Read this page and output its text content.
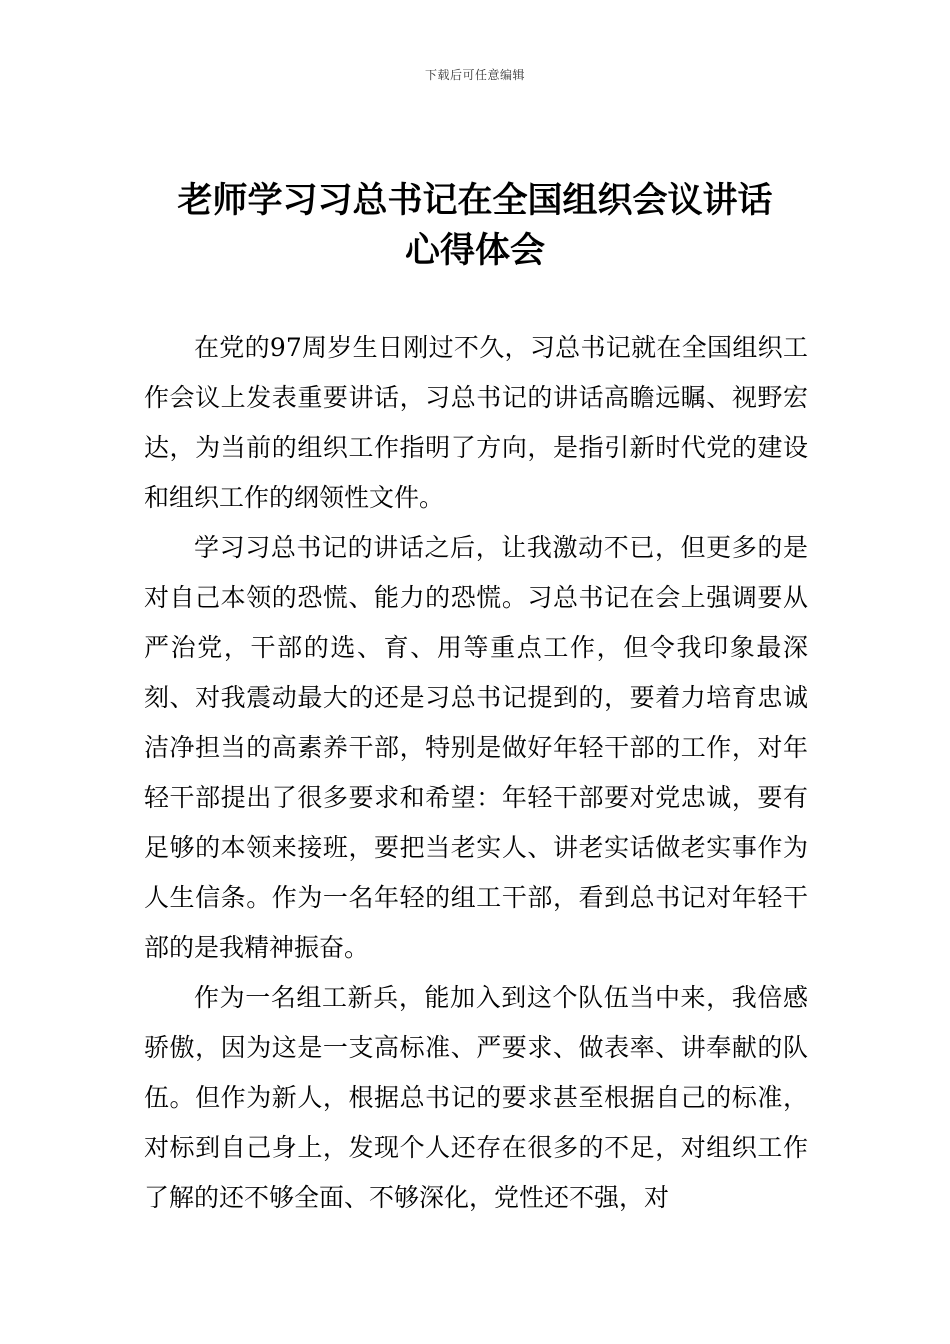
下载后可任意编辑
老师学习习总书记在全国组织会议讲话
心得体会

在党的97周岁生日刚过不久，习总书记就在全国组织工作会议上发表重要讲话，习总书记的讲话高瞻远瞩、视野宏达，为当前的组织工作指明了方向，是指引新时代党的建设和组织工作的纲领性文件。

学习习总书记的讲话之后，让我激动不已，但更多的是对自己本领的恐慌、能力的恐慌。习总书记在会上强调要从严治党，干部的选、育、用等重点工作，但令我印象最深刻、对我震动最大的还是习总书记提到的，要着力培育忠诚洁净担当的高素养干部，特别是做好年轻干部的工作，对年轻干部提出了很多要求和希望：年轻干部要对党忠诚，要有足够的本领来接班，要把当老实人、讲老实话做老实事作为人生信条。作为一名年轻的组工干部，看到总书记对年轻干部的是我精神振奋。

作为一名组工新兵，能加入到这个队伍当中来，我倍感骄傲，因为这是一支高标准、严要求、做表率、讲奉献的队伍。但作为新人，根据总书记的要求甚至根据自己的标准，对标到自己身上，发现个人还存在很多的不足，对组织工作了解的还不够全面、不够深化，党性还不强，对
